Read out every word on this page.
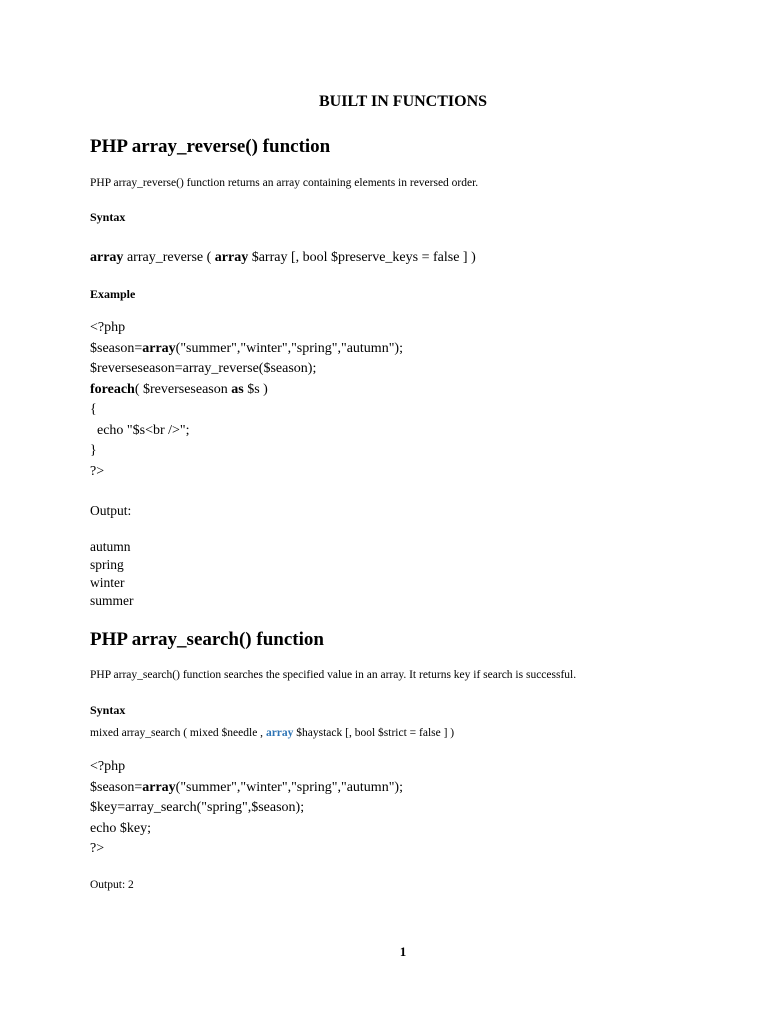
BUILT IN FUNCTIONS
PHP array_reverse() function
PHP array_reverse() function returns an array containing elements in reversed order.
Syntax
array array_reverse ( array $array [, bool $preserve_keys = false ] )
Example
<?php
$season=array("summer","winter","spring","autumn");
$reverseseason=array_reverse($season);
foreach( $reverseseason as $s )
{
echo "$s<br />";
}
?>
Output:
autumn
spring
winter
summer
PHP array_search() function
PHP array_search() function searches the specified value in an array. It returns key if search is successful.
Syntax
mixed array_search ( mixed $needle , array $haystack [, bool $strict = false ] )
<?php
$season=array("summer","winter","spring","autumn");
$key=array_search("spring",$season);
echo $key;
?>
Output: 2
1
